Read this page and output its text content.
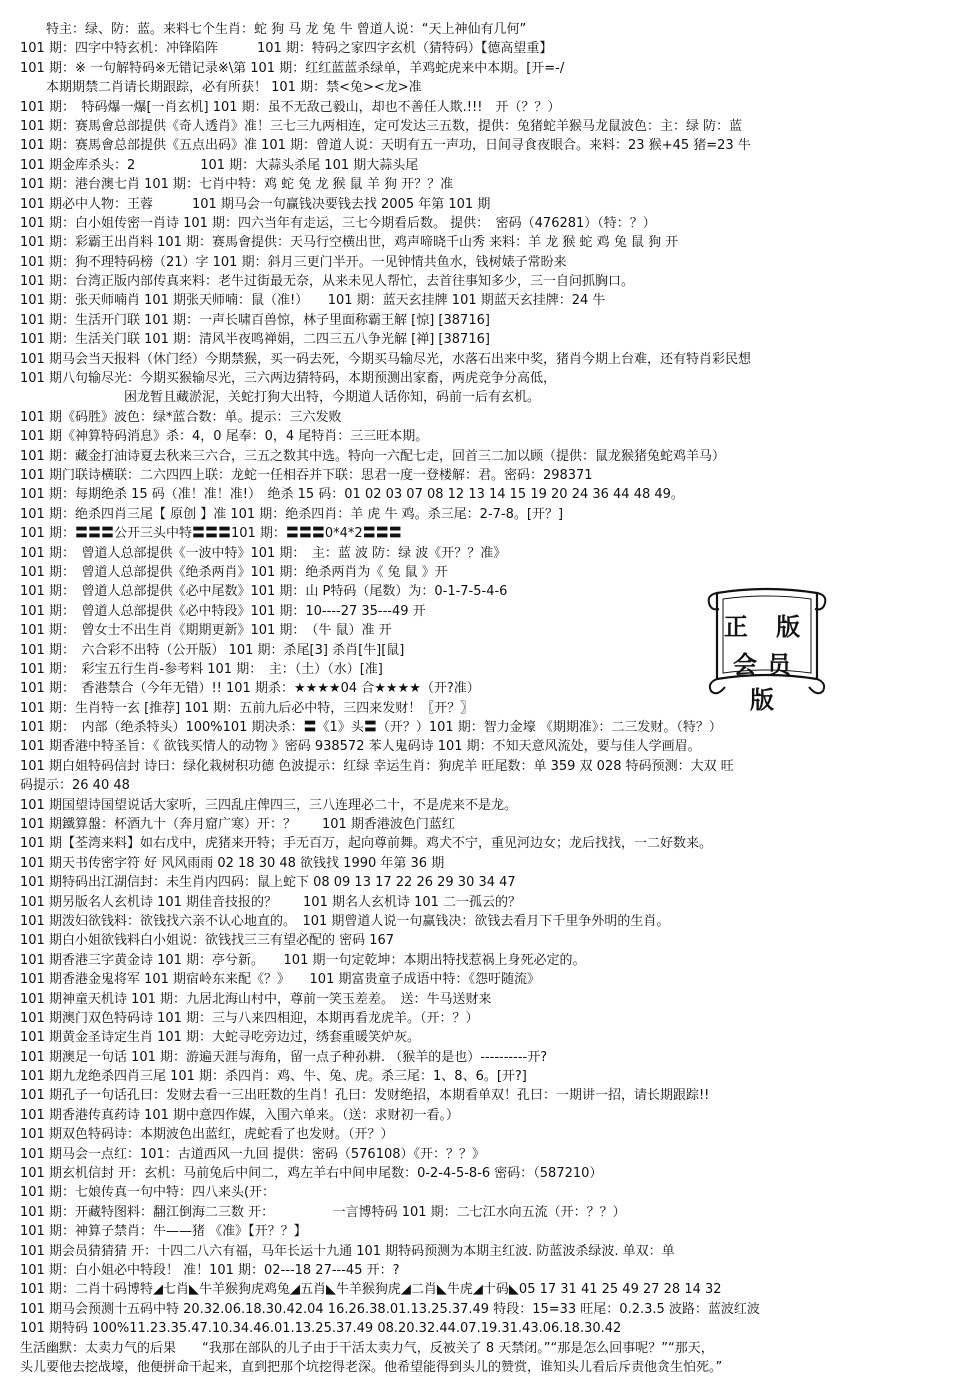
　　特主：绿、防：蓝。来料七个生肖：蛇 狗 马 龙 兔 牛 曾道人说：“天上神仙有几何”
101 期：四字中特玄机：冲锋陷阵　　　101 期：特码之家四字玄机（猜特码）【德高望重】
101 期：※ 一句解特码※无错记录※\第 101 期：红红蓝蓝杀绿单，羊鸡蛇虎来中本期。[开=-/
　　本期期禁二肖请长期跟踪，必有所获！ 101 期：禁<兔><龙>准
101 期：　特码爆一爆[一肖玄机] 101 期：虽不无敌己毅山，却也不善任人欺.!!!　开（？？）
101 期：赛馬會总部提供《奇人透肖》准！三七三九两相连，定可发达三五数，提供：兔猪蛇羊猴马龙鼠波色：主：绿 防：蓝
101 期：赛馬會总部提供《五点出码》准 101 期：曾道人说：天明有五一声功，日间寻食夜眼合。来料：23 猴+45 猪=23 牛
101 期金库杀头：2　　　　　101 期：大蒜头杀尾 101 期大蒜头尾
101 期：港台澳七肖 101 期：七肖中特：鸡 蛇 兔 龙 猴 鼠 羊 狗 开？？准
101 期必中人物：王蓉　　　101 期马会一句赢钱决要钱去找 2005 年第 101 期
101 期：白小姐传密一肖诗 101 期：四六当年有走运，三七今期看后数。 提供：　密码（476281）（特：？）
101 期：彩霸王出肖料 101 期：赛馬會提供：天马行空横出世，鸡声啼晓千山秀 来料：羊 龙 猴 蛇 鸡 兔 鼠 狗 开
101 期：狗不理特码榜（21）字 101 期：斜月三更门半开。一见钟情共鱼水，钱树婊子常盼来
101 期：台湾正版内部传真来料：老牛过街最无奈，从来未见人帮忙，去首往事知多少，三一自问抓胸口。
101 期：张天师喃肖 101 期张天师喃：鼠（准!）　　101 期：蓝天玄挂牌 101 期蓝天玄挂牌：24 牛
101 期：生活开门联 101 期：一声长啸百兽惊，林子里面称霸王解 [惊] [38716]
101 期：生活关门联 101 期：清风半夜鸣禅娟，二四三五八争光解 [禅] [38716]
101 期马会当天报料（休门经）今期禁猴，买一码去死，今期买马输尽光，水落石出来中奖，猪肖今期上台难，还有特肖彩民想
101 期八句输尽光：今期买猴输尽光，三六两边猜特码，本期预测出家畜，两虎竞争分高低，
　　　　　　　　困龙暂且藏淤泥，关蛇打狗大出特，今期道人话你知，码前一后有玄机。
101 期《码胜》波色：绿*蓝合数：单。提示：三六发败
101 期《神算特码消息》杀：4，0 尾奉：0，4 尾特肖：三三旺本期。
101 期：藏金打油诗夏去秋来三六合，三五之数其中选。特向一六配七走，回首三二加以顾（提供：鼠龙猴猪兔蛇鸡羊马）
101 期门联诗横联：二六四四上联：龙蛇一任相吞并下联：思君一度一登楼解：君。密码：298371
101 期：每期绝杀 15 码（准！准！准!）　绝杀 15 码：01 02 03 07 08 12 13 14 15 19 20 24 36 44 48 49。
101 期：绝杀四肖三尾【 原创 】准 101 期：绝杀四肖：羊 虎 牛 鸡。杀三尾：2-7-8。[开？]
101 期：〓〓〓公开三头中特〓〓〓101 期：〓〓〓0*4*2〓〓〓
101 期：　曾道人总部提供《一波中特》101 期：　主：蓝 波 防：绿 波《开？？准》
101 期：　曾道人总部提供《绝杀两肖》101 期：绝杀两肖为《 兔 鼠 》开
101 期：　曾道人总部提供《必中尾数》101 期：山 P特码（尾数）为：0-1-7-5-4-6
101 期：　曾道人总部提供《必中特段》101 期：10----27 35---49 开
101 期：　曾女士不出生肖《期期更新》101 期：　（牛 鼠）准 开
101 期：　六合彩不出特（公开版） 101 期：杀尾[3] 杀肖[牛][鼠]
101 期：　彩宝五行生肖-参考料 101 期：　主：（土）（水）[准]
101 期：　香港禁合（今年无错）!! 101 期杀：★★★★04 合★★★★（开?准）
101 期：生肖特一玄 [推荐] 101 期：五前九后必中特，三四来发财！〖开？〗
101 期：　内部（绝杀特头）100%101 期决杀：〓《1》头〓（开？）101 期：智力金壕 《期期准》：二三发财。（特？）
101 期香港中特圣旨：《 欲钱买情人的动物 》密码 938572 苯人鬼码诗 101 期：不知天意风流处，要与佳人学画眉。
101 期白姐特码信封 诗曰：绿化栽树积功德 色波提示：红绿 幸运生肖：狗虎羊 旺尾数：单 359 双 028 特码预测：大双 旺
码提示：26 40 48
101 期国望诗国望说话大家听，三四乱庄俾四三，三八连理必二十，不是虎来不是龙。
101 期鐵算盤：杯酒九十（奔月窟广寒）开：？　　101 期香港波色门蓝红
101 期【荃湾来料】如右戊中，虎猪来开特；手无百万，起向尊前舞。鸡犬不宁，重见河边女；龙后找找，一二好数来。
101 期天书传密字符 好 风风雨雨 02 18 30 48 欲钱找 1990 年第 36 期
101 期特码出江湖信封：未生肖内四码：鼠上蛇下 08 09 13 17 22 26 29 30 34 47
101 期另版名人玄机诗 101 期佳音技报的？　　101 期名人玄机诗 101 二一孤云的？
101 期泼妇欲钱料：欲钱找六亲不认心地直的。　101 期曾道人说一句赢钱决：欲钱去看月下千里争外明的生肖。
101 期白小姐欲钱料白小姐说：欲钱找三三有望必配的 密码 167
101 期香港三字黄金诗 101 期：亭兮新。　　101 期一句定乾坤：本期出特找惹祸上身死必定的。
101 期香港金鬼将军 101 期宿岭东来配《？》　　101 期富贵童子成语中特：《怨吁随流》
101 期神童天机诗 101 期：九居北海山村中，尊前一笑玉差差。　送：牛马送财来
101 期澳门双色特码诗 101 期：三与八来四相迎，本期再看龙虎羊。（开：？）
101 期黄金圣诗定生肖 101 期：大蛇寻吃旁边过，绣套重暖笑炉灰。
101 期澳足一句话 101 期：游遍天涯与海角，留一点子种孙耕. （猴羊的是也）----------开?
101 期九龙绝杀四肖三尾 101 期：杀四肖：鸡、牛、兔、虎。杀三尾：1、8、6。[开?]
101 期孔子一句话孔曰：发财去看一三出旺数的生肖！孔曰：发财绝招，本期看单双！孔曰：一期讲一招，请长期跟踪!!
101 期香港传真药诗 101 期中意四作媒，入围六单来。（送：求财初一看。）
101 期双色特码诗：本期波色出蓝红，虎蛇看了也发财。（开？）
101 期马会一点红：101：古道西风一九回 提供：密码（576108）《开：？？》
101 期玄机信封 开：玄机：马前兔后中间二，鸡左羊右中间申尾数：0-2-4-5-8-6 密码：（587210）
101 期：七娘传真一句中特：四八来头(开：
101 期：开藏特图料：翻江倒海二三数 开：　　　　　一言博特码 101 期：二七江水向五流（开：？？）
101 期：神算子禁肖：牛——猪 《准》【开？？】
101 期会员猜猜猜 开：十四二八六有福，马年长运十九通 101 期特码预测为本期主红波. 防蓝波杀绿波. 单双：单
101 期：白小姐必中特段！ 准！101 期：02---18 27---45 开：?
101 期：二肖十码博特◢七肖◣牛羊猴狗虎鸡兔◢五肖◣牛羊猴狗虎◢二肖◣牛虎◢十码◣05 17 31 41 25 49 27 28 14 32
101 期马会预测十五码中特 20.32.06.18.30.42.04 16.26.38.01.13.25.37.49 特段：15=33 旺尾：0.2.3.5 波路：蓝波红波
101 期特码 100%11.23.35.47.10.34.46.01.13.25.37.49 08.20.32.44.07.19.31.43.06.18.30.42
生活幽默：太卖力气的后果　　“我那在部队的儿子由于干活太卖力气，反被关了 8 天禁闭。”“那是怎么回事呢？”“那天，
头儿要他去挖战壕，他便拼命干起来，直到把那个坑挖得老深。他希望能得到头儿的赞赏，谁知头儿看后斥责他贪生怕死。”
正 版
会员版
